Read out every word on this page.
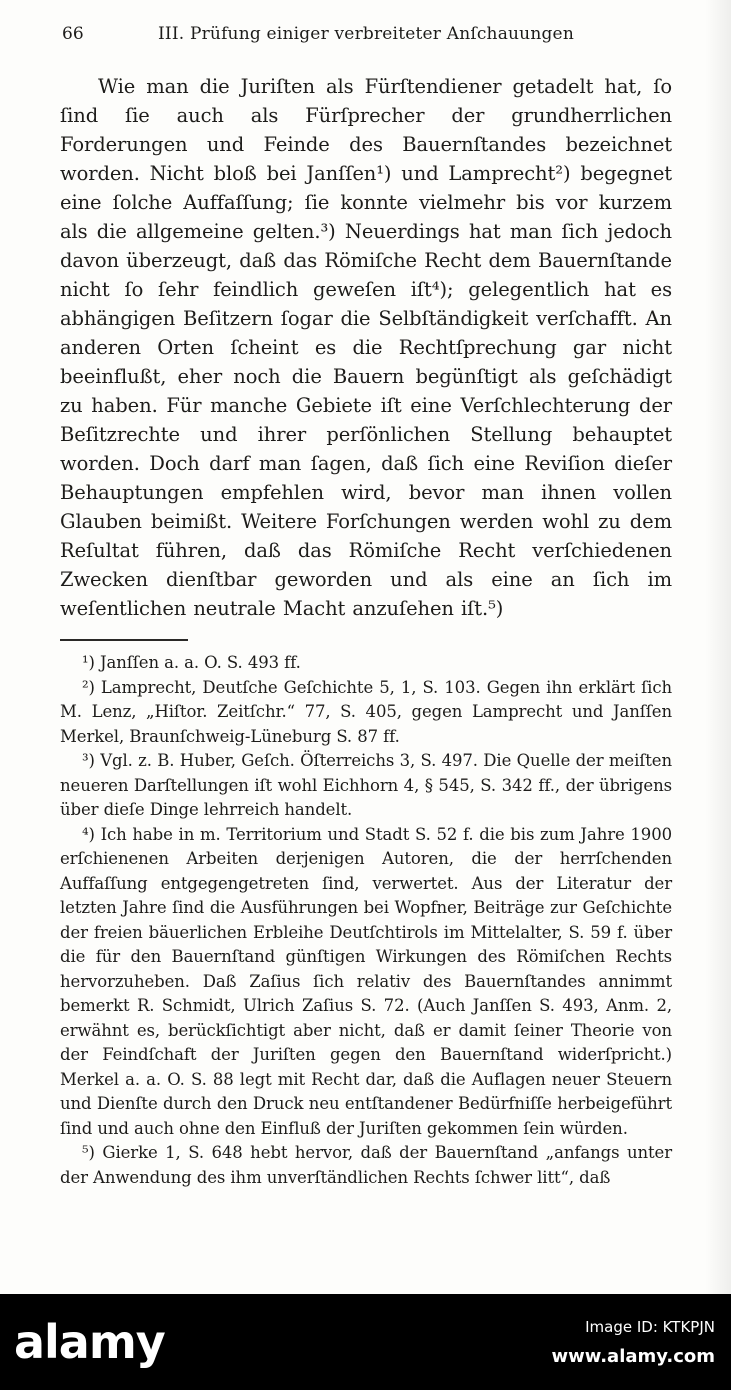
66	III. Prüfung einiger verbreiteter Anſchauungen

Wie man die Juriſten als Fürſtendiener getadelt hat, ſo ſind ſie auch als Fürſprecher der grundherrlichen Forderungen und Feinde des Bauernſtandes bezeichnet worden. Nicht bloß bei Janſſen¹) und Lamprecht²) begegnet eine ſolche Auffaſſung; ſie konnte vielmehr bis vor kurzem als die allgemeine gelten.³) Neuerdings hat man ſich jedoch davon überzeugt, daß das Römiſche Recht dem Bauernſtande nicht ſo ſehr feindlich geweſen iſt⁴); gelegentlich hat es abhängigen Beſitzern ſogar die Selbſtändigkeit verſchafft. An anderen Orten ſcheint es die Rechtſprechung gar nicht beeinflußt, eher noch die Bauern begünſtigt als geſchädigt zu haben. Für manche Gebiete iſt eine Verſchlechterung der Beſitzrechte und ihrer perſönlichen Stellung behauptet worden. Doch darf man ſagen, daß ſich eine Reviſion dieſer Behauptungen empfehlen wird, bevor man ihnen vollen Glauben beimißt. Weitere Forſchungen werden wohl zu dem Reſultat führen, daß das Römiſche Recht verſchiedenen Zwecken dienſtbar geworden und als eine an ſich im weſentlichen neutrale Macht anzuſehen iſt.⁵)

¹) Janſſen a. a. O. S. 493 ff.

²) Lamprecht, Deutſche Geſchichte 5, 1, S. 103. Gegen ihn erklärt ſich M. Lenz, „Hiſtor. Zeitſchr.“ 77, S. 405, gegen Lamprecht und Janſſen Merkel, Braunſchweig-Lüneburg S. 87 ff.

³) Vgl. z. B. Huber, Geſch. Öſterreichs 3, S. 497. Die Quelle der meiſten neueren Darſtellungen iſt wohl Eichhorn 4, § 545, S. 342 ff., der übrigens über dieſe Dinge lehrreich handelt.

⁴) Ich habe in m. Territorium und Stadt S. 52 f. die bis zum Jahre 1900 erſchienenen Arbeiten derjenigen Autoren, die der herrſchenden Auffaſſung entgegengetreten ſind, verwertet. Aus der Literatur der letzten Jahre ſind die Ausführungen bei Wopfner, Beiträge zur Geſchichte der freien bäuerlichen Erbleihe Deutſchtirols im Mittelalter, S. 59 f. über die für den Bauernſtand günſtigen Wirkungen des Römiſchen Rechts hervorzuheben. Daß Zaſius ſich relativ des Bauernſtandes annimmt bemerkt R. Schmidt, Ulrich Zaſius S. 72. (Auch Janſſen S. 493, Anm. 2, erwähnt es, berückſichtigt aber nicht, daß er damit ſeiner Theorie von der Feindſchaft der Juriſten gegen den Bauernſtand widerſpricht.) Merkel a. a. O. S. 88 legt mit Recht dar, daß die Auflagen neuer Steuern und Dienſte durch den Druck neu entſtandener Bedürfniſſe herbeigeführt ſind und auch ohne den Einfluß der Juriſten gekommen ſein würden.

⁵) Gierke 1, S. 648 hebt hervor, daß der Bauernſtand „anfangs unter der Anwendung des ihm unverſtändlichen Rechts ſchwer litt“, daß

alamy	Image ID: KTKPJN
www.alamy.com
